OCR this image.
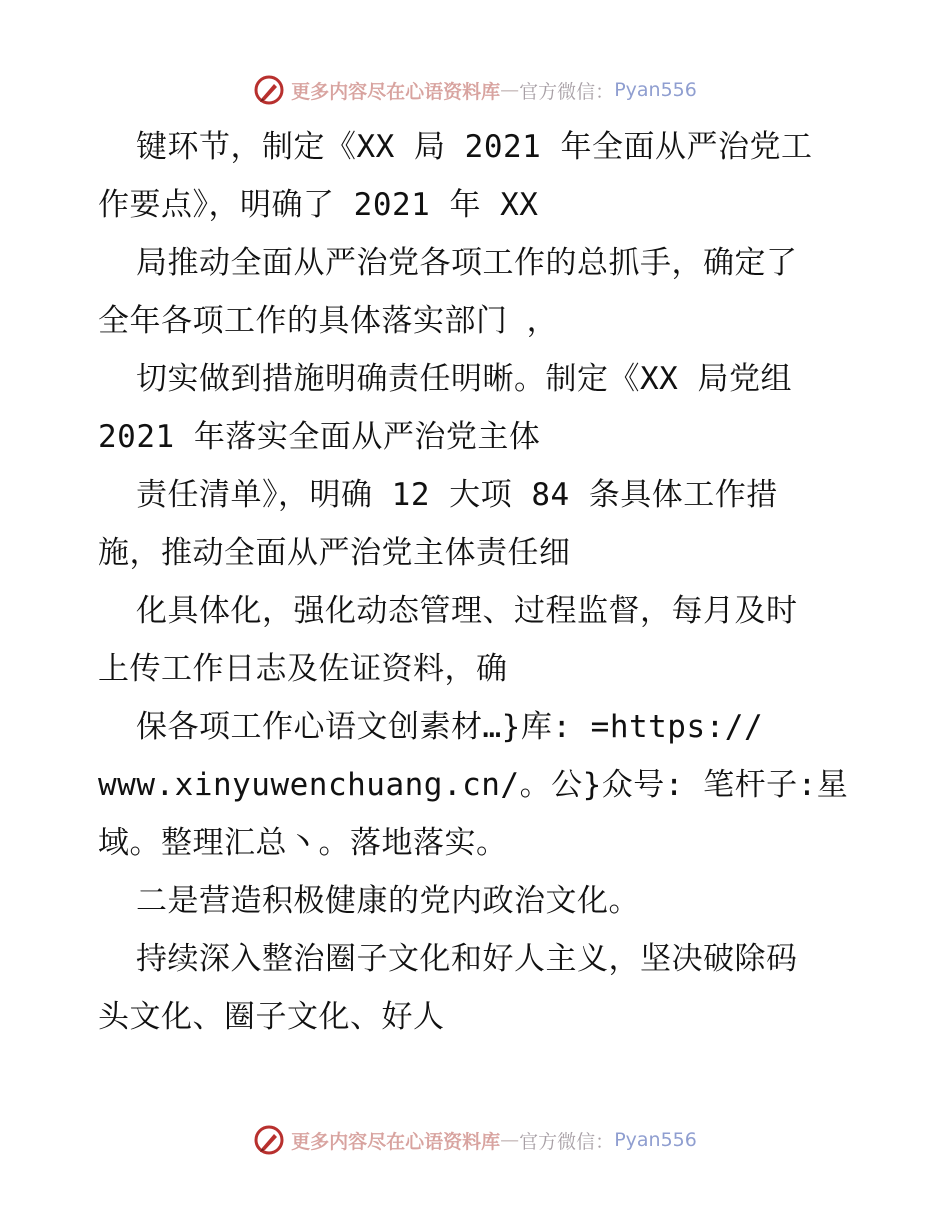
更多内容尽在心语资料库 — 官方微信： Pyan556
键环节，制定《XX 局 2021 年全面从严治党工
作要点》，明确了 2021 年 XX
局推动全面从严治党各项工作的总抓手，确定了
全年各项工作的具体落实部门 ，
切实做到措施明确责任明晰。制定《XX 局党组
2021 年落实全面从严治党主体
责任清单》，明确 12 大项 84 条具体工作措
施，推动全面从严治党主体责任细
化具体化，强化动态管理、过程监督，每月及时
上传工作日志及佐证资料，确
保各项工作心语文创素材…}库: =https://
www.xinyuwenchuang.cn/。公}众号: 笔杆子:星
域。整理汇总丶。落地落实。
二是营造积极健康的党内政治文化。
持续深入整治圈子文化和好人主义，坚决破除码
头文化、圈子文化、好人
更多内容尽在心语资料库 — 官方微信： Pyan556
